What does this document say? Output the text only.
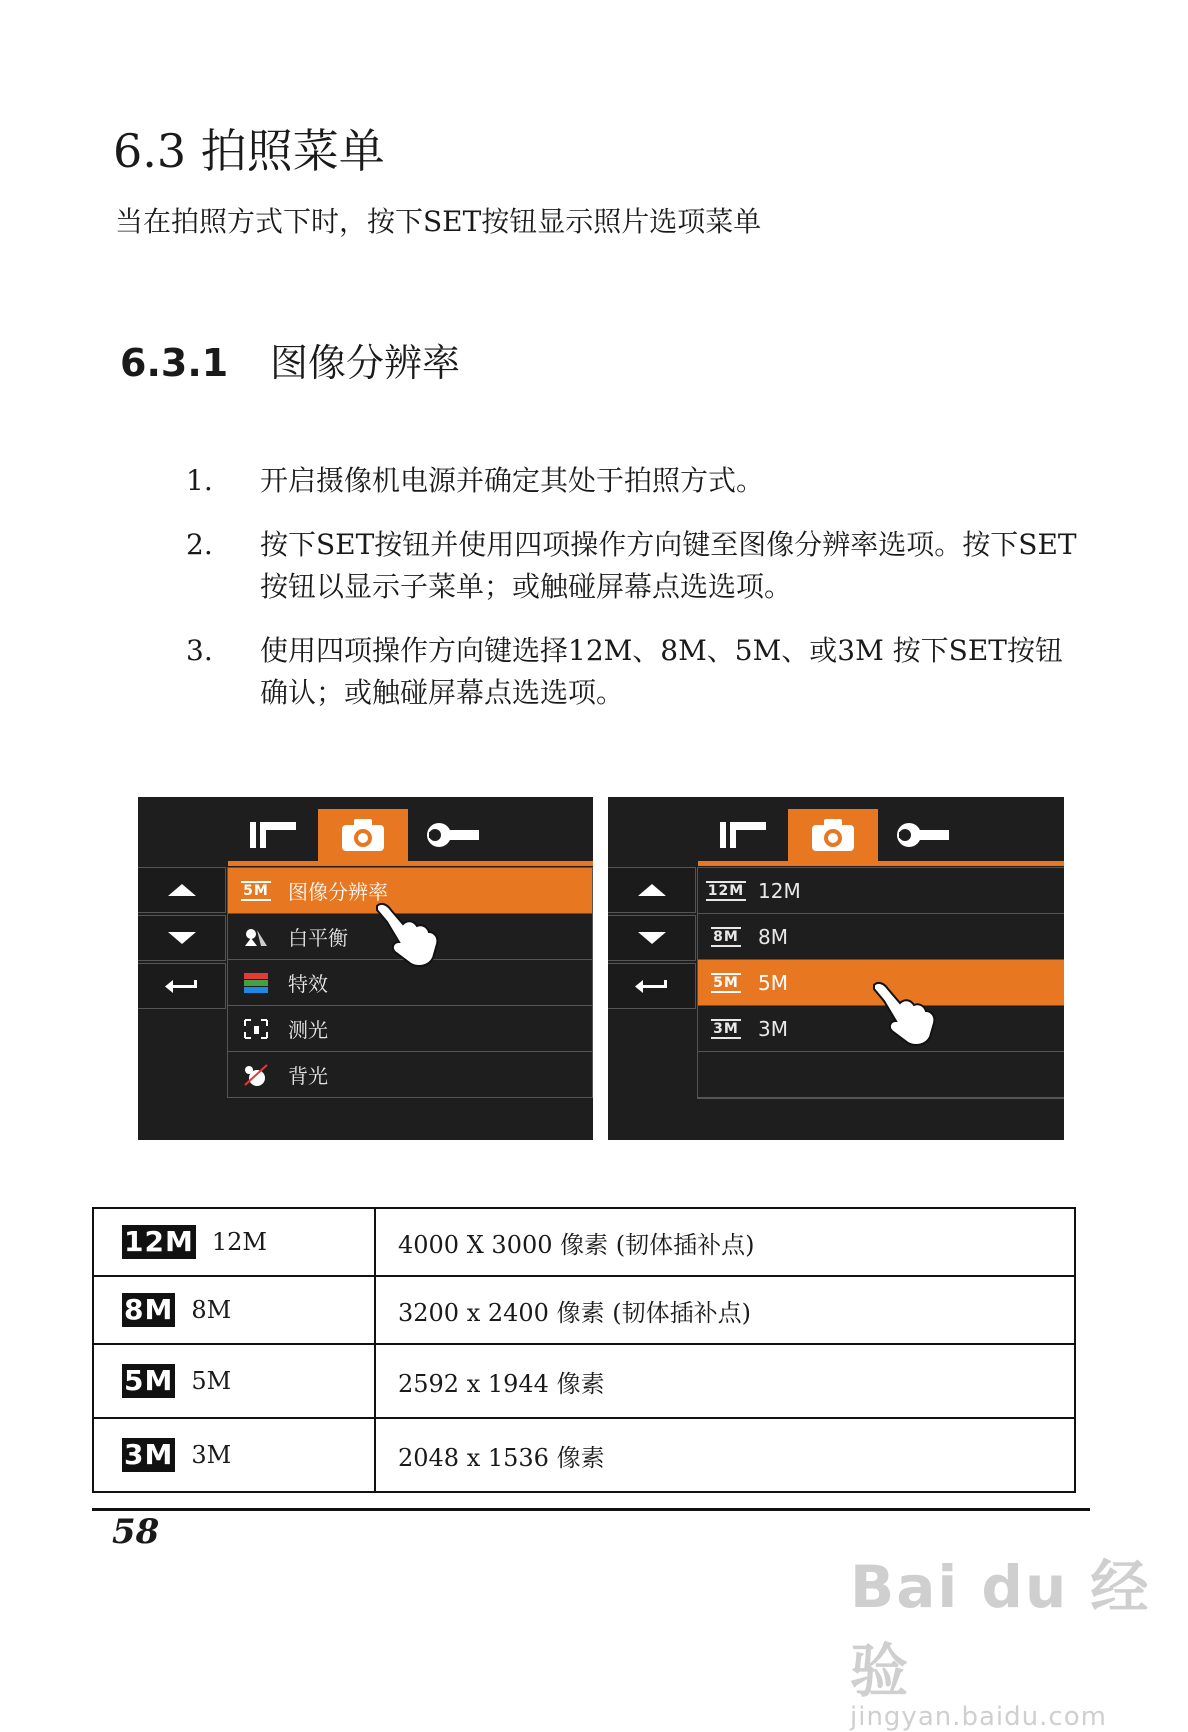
6.3 拍照菜单
当在拍照方式下时，按下SET按钮显示照片选项菜单
6.3.1 图像分辨率
1.	开启摄像机电源并确定其处于拍照方式。
2.	按下SET按钮并使用四项操作方向键至图像分辨率选项。按下SET按钮以显示子菜单；或触碰屏幕点选选项。
3.	使用四项操作方向键选择12M、8M、5M、或3M 按下SET按钮确认；或触碰屏幕点选选项。
5M 图像分辨率
白平衡
特效
测光
背光
12M 12M
8M 8M
5M 5M
3M 3M
12M 12M	4000 X 3000 像素 (韧体插补点)

8M 8M	3200 x 2400 像素 (韧体插补点)

5M 5M	2592 x 1944 像素

3M 3M	2048 x 1536 像素
58
Bai du 经验
jingyan.baidu.com
